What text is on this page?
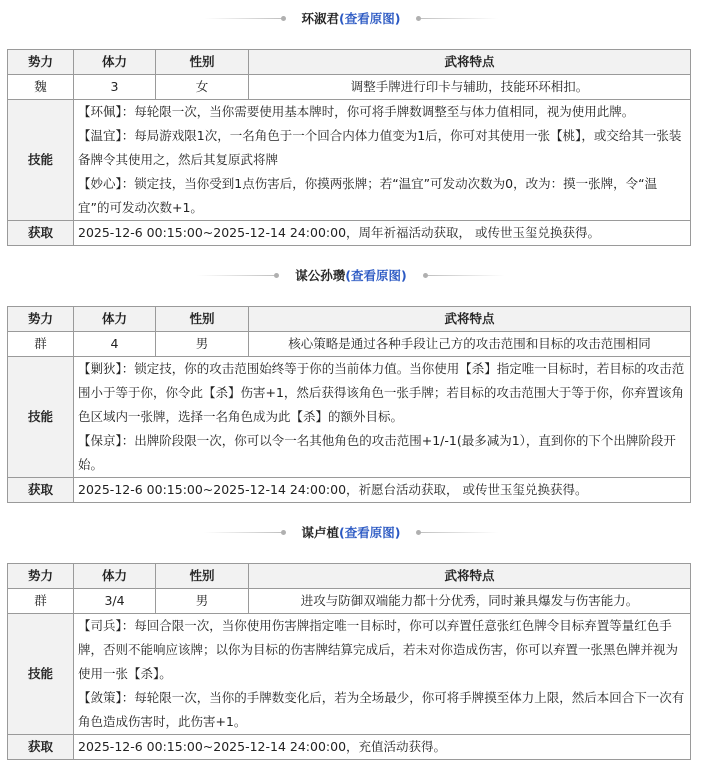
环淑君(查看原图)
势力	体力	性别	武将特点
魏	3	女	调整手牌进行印卡与辅助，技能环环相扣。
技能	【环佩】：每轮限一次，当你需要使用基本牌时，你可将手牌数调整至与体力值相同，视为使用此牌。

【温宜】：每局游戏限1次，一名角色于一个回合内体力值变为1后，你可对其使用一张【桃】，或交给其一张装备牌令其使用之，然后其复原武将牌

【妙心】：锁定技，当你受到1点伤害后，你摸两张牌；若“温宜”可发动次数为0，改为：摸一张牌，令“温宜”的可发动次数+1。		

获取	2025-12-6 00:15:00~2025-12-14 24:00:00，周年祈福活动获取， 或传世玉玺兑换获得。		
谋公孙瓒(查看原图)
势力	体力	性别	武将特点
群	4	男	核心策略是通过各种手段让己方的攻击范围和目标的攻击范围相同
技能	【剿狄】：锁定技，你的攻击范围始终等于你的当前体力值。当你使用【杀】指定唯一目标时，若目标的攻击范围小于等于你，你令此【杀】伤害+1，然后获得该角色一张手牌；若目标的攻击范围大于等于你，你弃置该角色区域内一张牌，选择一名角色成为此【杀】的额外目标。

【保京】：出牌阶段限一次，你可以令一名其他角色的攻击范围+1/-1(最多减为1），直到你的下个出牌阶段开始。		

获取	2025-12-6 00:15:00~2025-12-14 24:00:00，祈愿台活动获取， 或传世玉玺兑换获得。		
谋卢植(查看原图)
势力	体力	性别	武将特点
群	3/4	男	进攻与防御双端能力都十分优秀，同时兼具爆发与伤害能力。
技能	【司兵】：每回合限一次，当你使用伤害牌指定唯一目标时，你可以弃置任意张红色牌令目标弃置等量红色手牌，否则不能响应该牌；以你为目标的伤害牌结算完成后，若未对你造成伤害，你可以弃置一张黑色牌并视为使用一张【杀】。

【敛策】：每轮限一次，当你的手牌数变化后，若为全场最少，你可将手牌摸至体力上限，然后本回合下一次有角色造成伤害时，此伤害+1。		

获取	2025-12-6 00:15:00~2025-12-14 24:00:00，充值活动获得。		
